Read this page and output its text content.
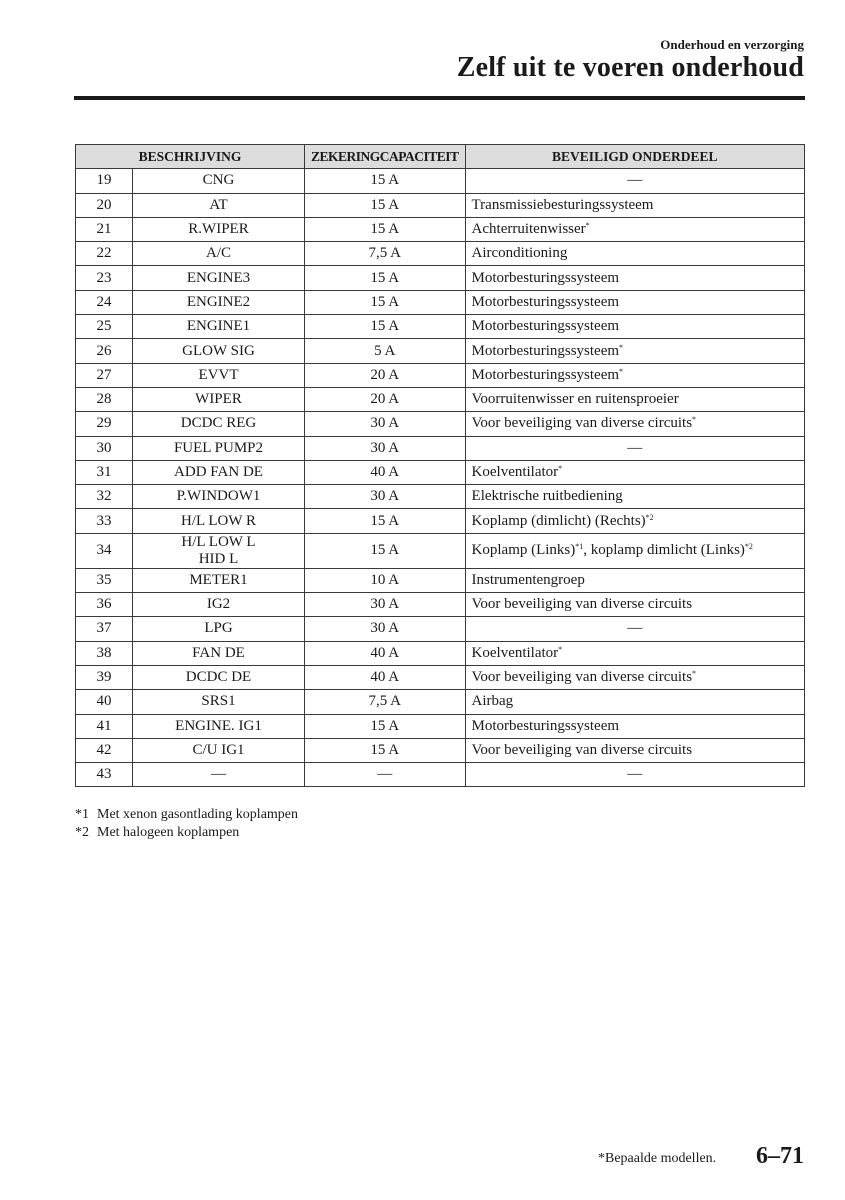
Onderhoud en verzorging
Zelf uit te voeren onderhoud
BESCHRIJVING		ZEKERINGCAPACITEIT	BEVEILIGD ONDERDEEL
19	CNG	15 A	—
20	AT	15 A	Transmissiebesturingssysteem
21	R.WIPER	15 A	Achterruitenwisser*
22	A/C	7,5 A	Airconditioning
23	ENGINE3	15 A	Motorbesturingssysteem
24	ENGINE2	15 A	Motorbesturingssysteem
25	ENGINE1	15 A	Motorbesturingssysteem
26	GLOW SIG	5 A	Motorbesturingssysteem*
27	EVVT	20 A	Motorbesturingssysteem*
28	WIPER	20 A	Voorruitenwisser en ruitensproeier
29	DCDC REG	30 A	Voor beveiliging van diverse circuits*
30	FUEL PUMP2	30 A	—
31	ADD FAN DE	40 A	Koelventilator*
32	P.WINDOW1	30 A	Elektrische ruitbediening
33	H/L LOW R	15 A	Koplamp (dimlicht) (Rechts)$^{*2}$
34	H/L LOW L
HID L	15 A	Koplamp (Links)$^{*1}$, koplamp dimlicht (Links)$^{*2}$
35	METER1	10 A	Instrumentengroep
36	IG2	30 A	Voor beveiliging van diverse circuits
37	LPG	30 A	—
38	FAN DE	40 A	Koelventilator*
39	DCDC DE	40 A	Voor beveiliging van diverse circuits*
40	SRS1	7,5 A	Airbag
41	ENGINE. IG1	15 A	Motorbesturingssysteem
42	C/U IG1	15 A	Voor beveiliging van diverse circuits
43	—	—	—
*1 Met xenon gasontlading koplampen
*2 Met halogeen koplampen
*Bepaalde modellen. 6–71
